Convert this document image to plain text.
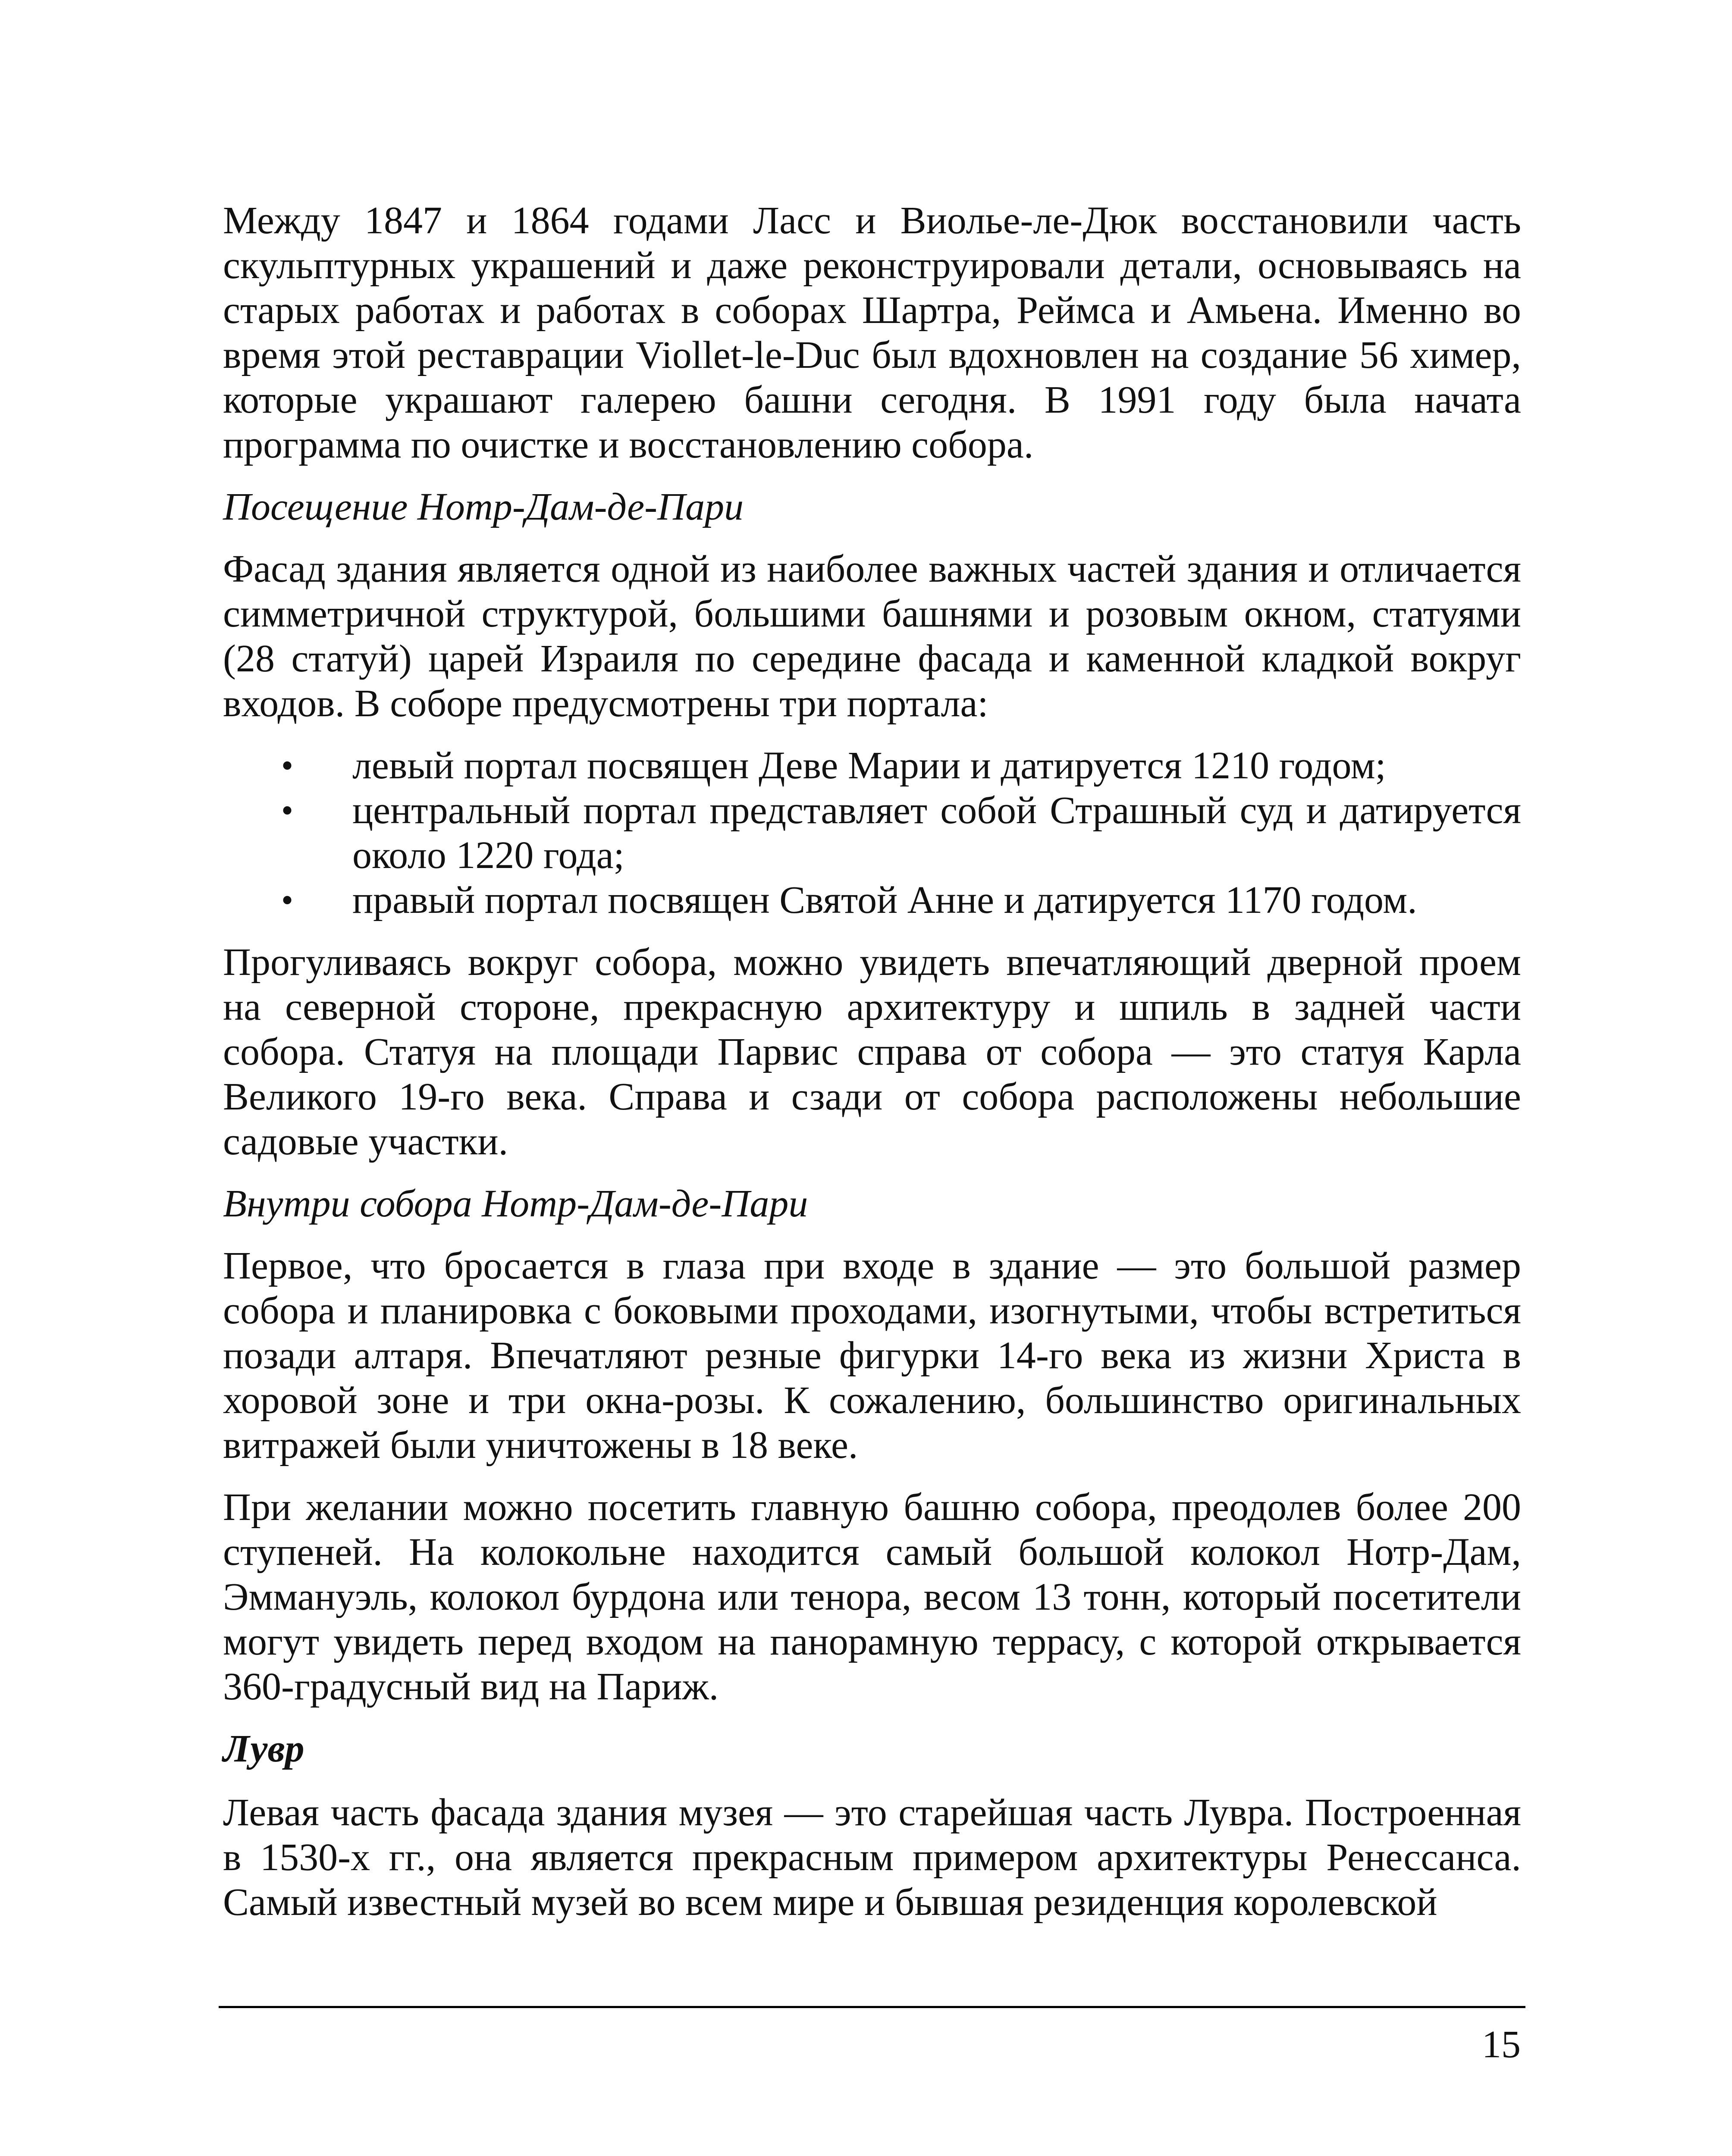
Между 1847 и 1864 годами Ласс и Виолье-ле-Дюк восстановили часть скульптурных украшений и даже реконструировали детали, основываясь на старых работах и работах в соборах Шартра, Реймса и Амьена. Именно во время этой реставрации Viollet-le-Duc был вдохновлен на создание 56 химер, которые украшают галерею башни сегодня. В 1991 году была начата программа по очистке и восстановлению собора.

Посещение Нотр-Дам-де-Пари

Фасад здания является одной из наиболее важных частей здания и отличается симметричной структурой, большими башнями и розовым окном, статуями (28 статуй) царей Израиля по середине фасада и каменной кладкой вокруг входов. В соборе предусмотрены три портала:

• левый портал посвящен Деве Марии и датируется 1210 годом;
• центральный портал представляет собой Страшный суд и датируется около 1220 года;
• правый портал посвящен Святой Анне и датируется 1170 годом.

Прогуливаясь вокруг собора, можно увидеть впечатляющий дверной проем на северной стороне, прекрасную архитектуру и шпиль в задней части собора. Статуя на площади Парвис справа от собора — это статуя Карла Великого 19-го века. Справа и сзади от собора расположены небольшие садовые участки.

Внутри собора Нотр-Дам-де-Пари

Первое, что бросается в глаза при входе в здание — это большой размер собора и планировка с боковыми проходами, изогнутыми, чтобы встретиться позади алтаря. Впечатляют резные фигурки 14-го века из жизни Христа в хоровой зоне и три окна-розы. К сожалению, большинство оригинальных витражей были уничтожены в 18 веке.

При желании можно посетить главную башню собора, преодолев более 200 ступеней. На колокольне находится самый большой колокол Нотр-Дам, Эммануэль, колокол бурдона или тенора, весом 13 тонн, который посетители могут увидеть перед входом на панорамную террасу, с которой открывается 360-градусный вид на Париж.

Лувр

Левая часть фасада здания музея — это старейшая часть Лувра. Построенная в 1530-х гг., она является прекрасным примером архитектуры Ренессанса. Самый известный музей во всем мире и бывшая резиденция королевской

15
